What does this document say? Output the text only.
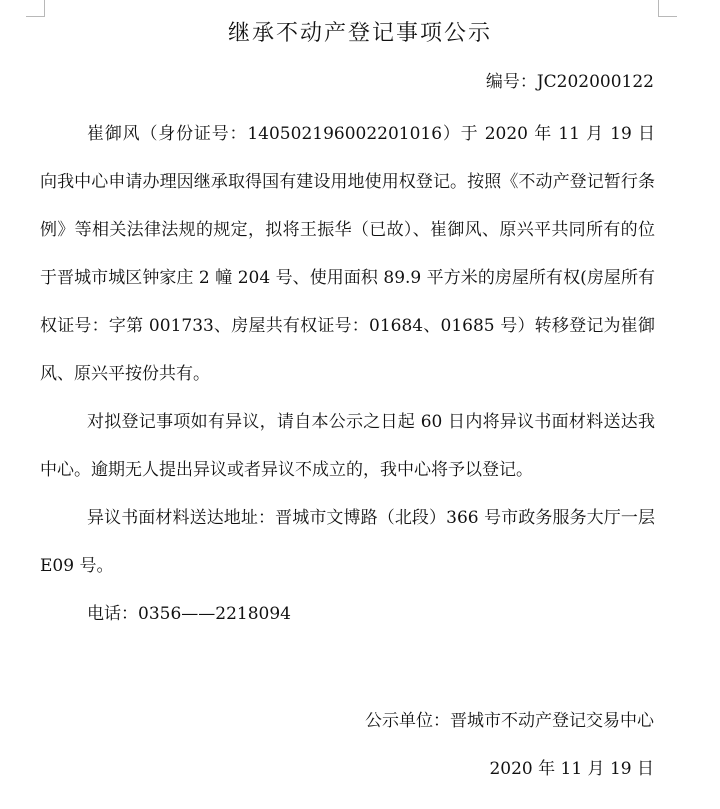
继承不动产登记事项公示
编号：JC202000122

崔御风（身份证号：140502196002201016）于 2020 年 11 月 19 日向我中心申请办理因继承取得国有建设用地使用权登记。按照《不动产登记暂行条例》等相关法律法规的规定，拟将王振华（已故）、崔御风、原兴平共同所有的位于晋城市城区钟家庄 2 幢 204 号、使用面积 89.9 平方米的房屋所有权(房屋所有权证号：字第 001733、房屋共有权证号：01684、01685 号）转移登记为崔御风、原兴平按份共有。

对拟登记事项如有异议，请自本公示之日起 60 日内将异议书面材料送达我中心。逾期无人提出异议或者异议不成立的，我中心将予以登记。

异议书面材料送达地址：晋城市文博路（北段）366 号市政务服务大厅一层 E09 号。

电话：0356——2218094

公示单位：晋城市不动产登记交易中心
2020 年 11 月 19 日
